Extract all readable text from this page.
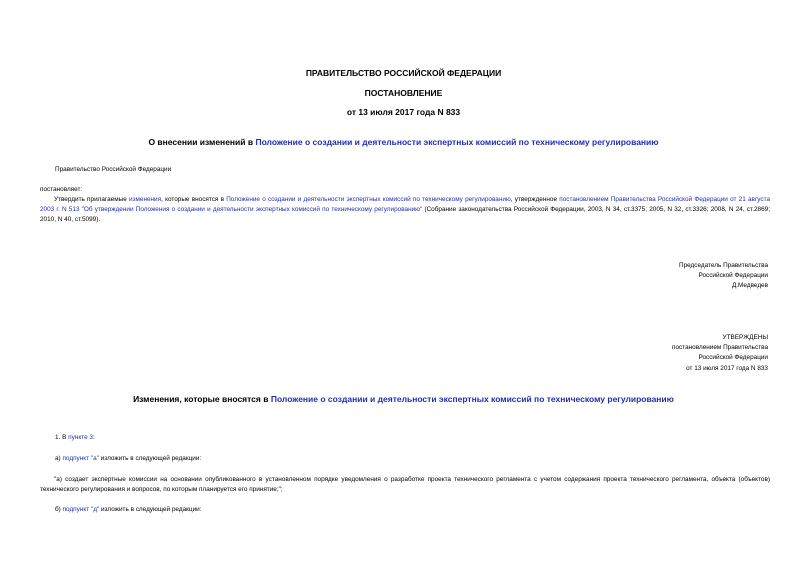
ПРАВИТЕЛЬСТВО РОССИЙСКОЙ ФЕДЕРАЦИИ
ПОСТАНОВЛЕНИЕ
от 13 июля 2017 года N 833
О внесении изменений в Положение о создании и деятельности экспертных комиссий по техническому регулированию
Правительство Российской Федерации
постановляет:
Утвердить прилагаемые изменения, которые вносятся в Положение о создании и деятельности экспертных комиссий по техническому регулированию, утвержденное постановлением Правительства Российской Федерации от 21 августа 2003 г. N 513 "Об утверждении Положения о создании и деятельности экспертных комиссий по техническому регулированию" (Собрание законодательства Российской Федерации, 2003, N 34, ст.3375; 2005, N 32, ст.3326; 2008, N 24, ст.2869; 2010, N 40, ст.5099).
Председатель Правительства
Российской Федерации
Д.Медведев
УТВЕРЖДЕНЫ
постановлением Правительства
Российской Федерации
от 13 июля 2017 года N 833
Изменения, которые вносятся в Положение о создании и деятельности экспертных комиссий по техническому регулированию
1. В пункте 3:
а) подпункт "а" изложить в следующей редакции:
"а) создает экспертные комиссии на основании опубликованного в установленном порядке уведомления о разработке проекта технического регламента с учетом содержания проекта технического регламента, объекта (объектов) технического регулирования и вопросов, по которым планируется его принятие;";
б) подпункт "д" изложить в следующей редакции:
